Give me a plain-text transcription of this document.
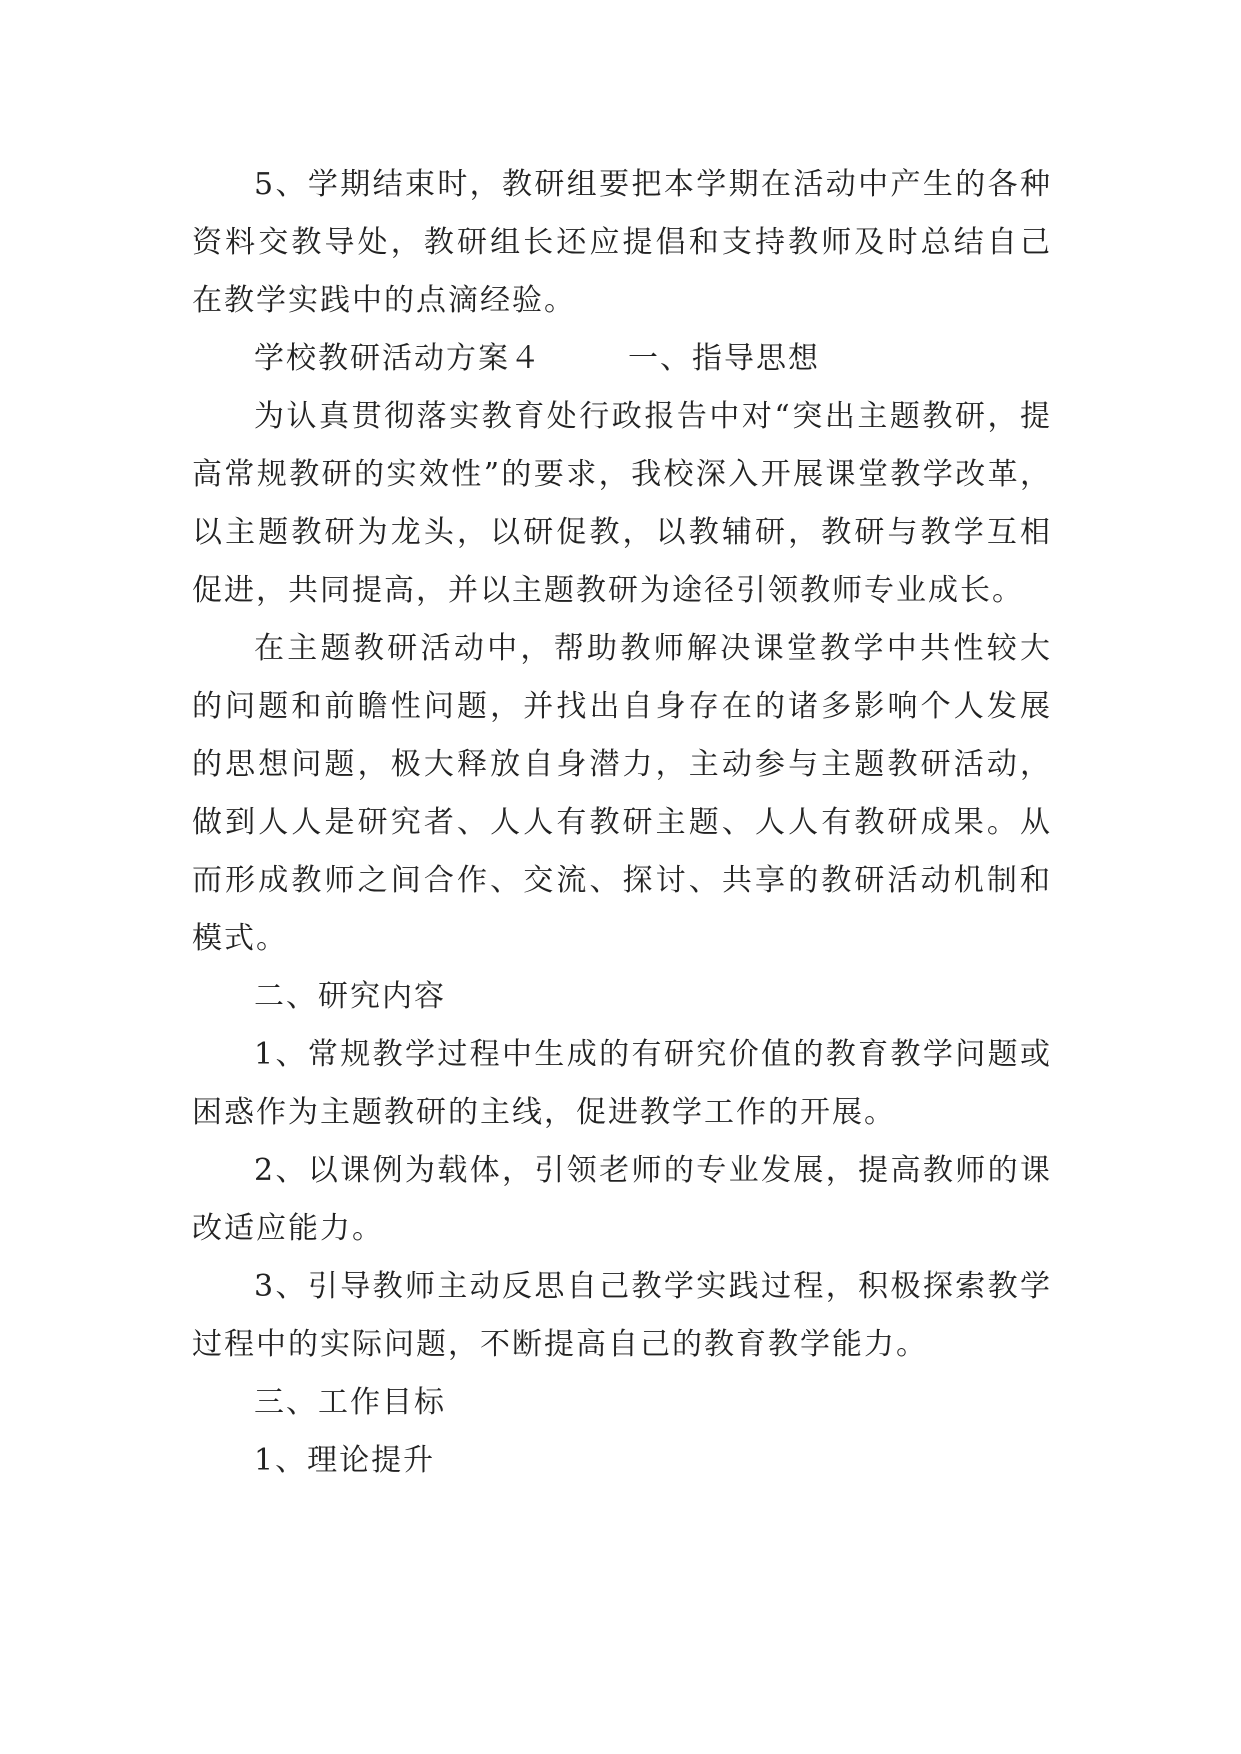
5、学期结束时，教研组要把本学期在活动中产生的各种资料交教导处，教研组长还应提倡和支持教师及时总结自己在教学实践中的点滴经验。

学校教研活动方案４	一、指导思想

为认真贯彻落实教育处行政报告中对“突出主题教研，提高常规教研的实效性”的要求，我校深入开展课堂教学改革，以主题教研为龙头，以研促教，以教辅研，教研与教学互相促进，共同提高，并以主题教研为途径引领教师专业成长。

在主题教研活动中，帮助教师解决课堂教学中共性较大的问题和前瞻性问题，并找出自身存在的诸多影响个人发展的思想问题，极大释放自身潜力，主动参与主题教研活动，做到人人是研究者、人人有教研主题、人人有教研成果。从而形成教师之间合作、交流、探讨、共享的教研活动机制和模式。

二、研究内容

1、常规教学过程中生成的有研究价值的教育教学问题或困惑作为主题教研的主线，促进教学工作的开展。

2、以课例为载体，引领老师的专业发展，提高教师的课改适应能力。

3、引导教师主动反思自己教学实践过程，积极探索教学过程中的实际问题，不断提高自己的教育教学能力。

三、工作目标

1、理论提升
